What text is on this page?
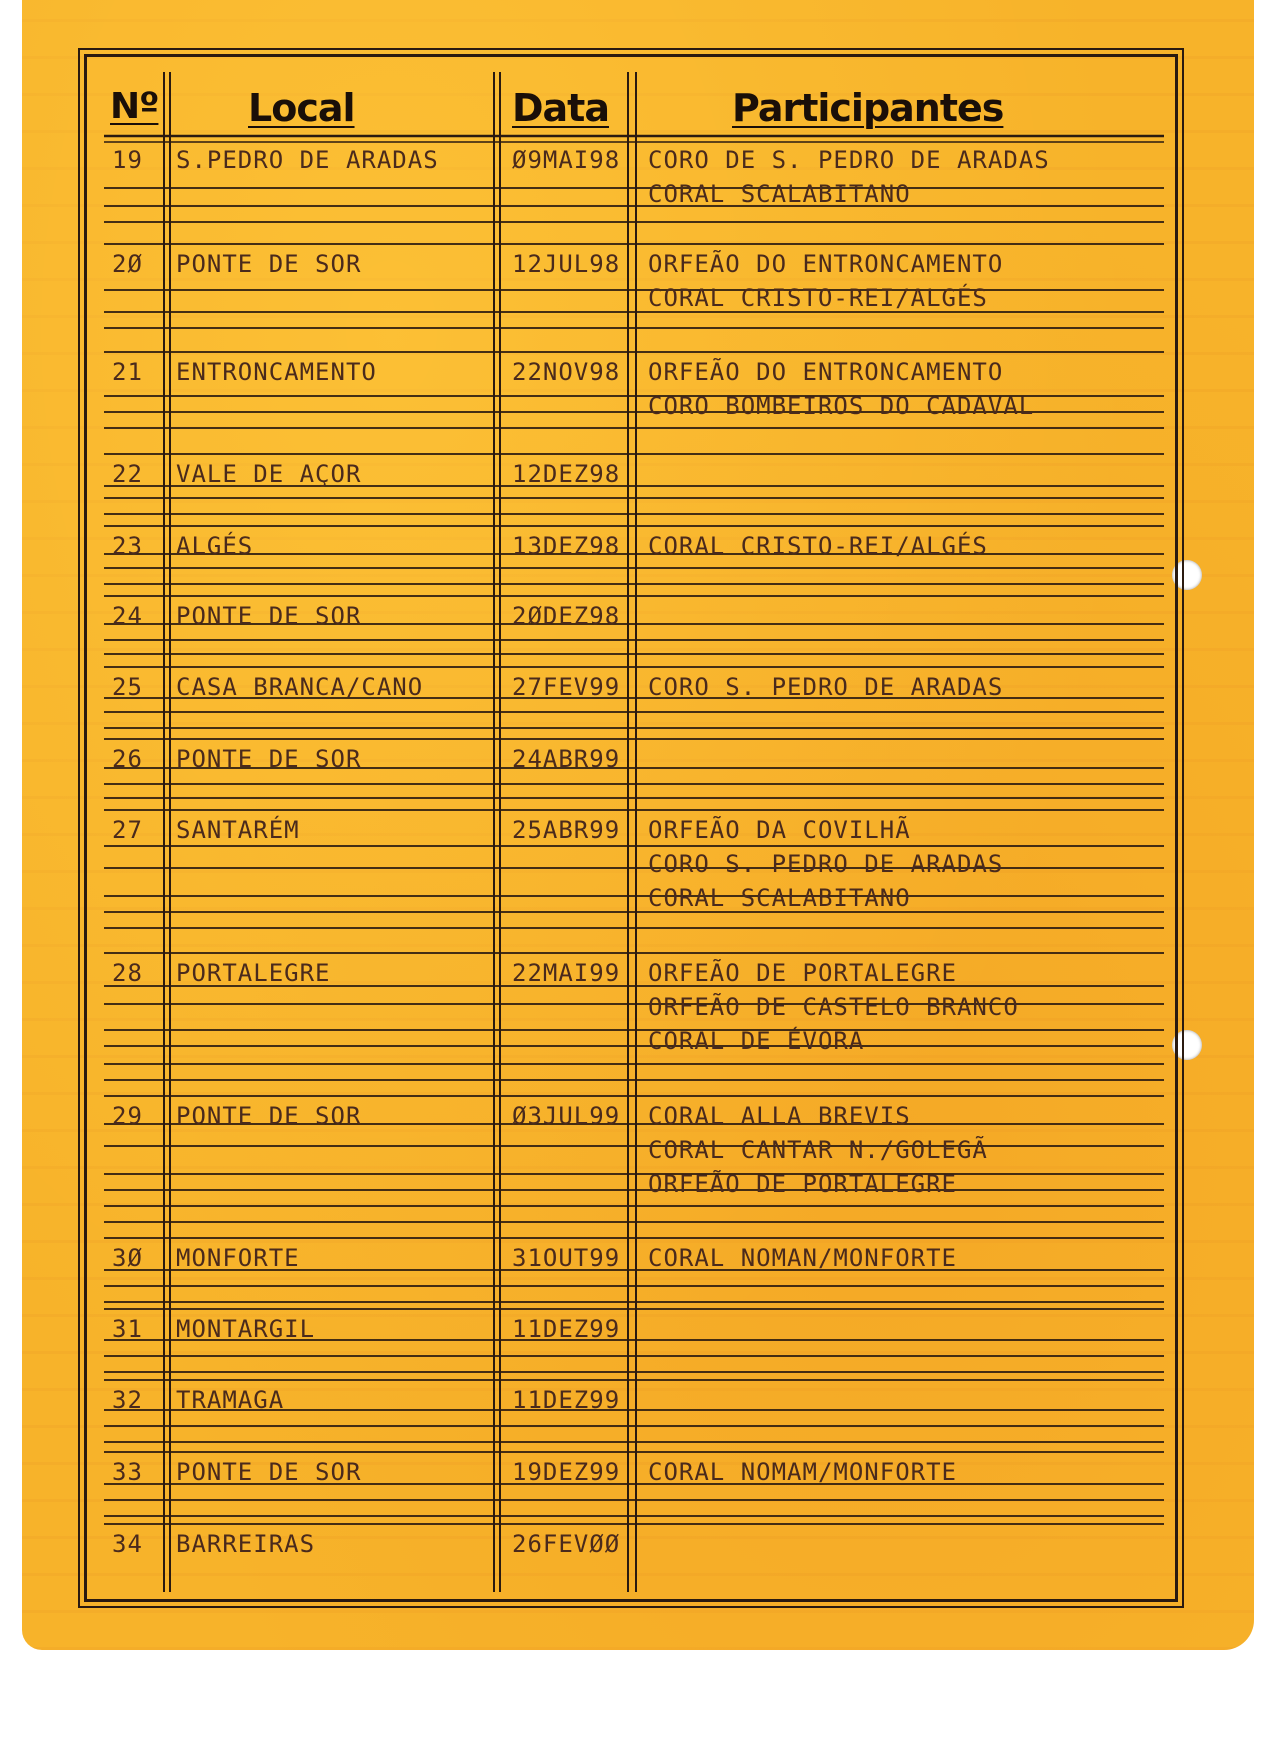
Nº Local	Data	Participantes
19 S.PEDRO DE ARADAS	Ø9MAI98 CORO DE S. PEDRO DE ARADAS
CORAL SCALABITANO
2Ø PONTE DE SOR	12JUL98 ORFEÃO DO ENTRONCAMENTO
CORAL CRISTO-REI/ALGÉS
21 ENTRONCAMENTO	22NOV98 ORFEÃO DO ENTRONCAMENTO
CORO BOMBEIROS DO CADAVAL
22 VALE DE AÇOR	12DEZ98
23 ALGÉS	13DEZ98 CORAL CRISTO-REI/ALGÉS
24 PONTE DE SOR	2ØDEZ98
25 CASA BRANCA/CANO	27FEV99 CORO S. PEDRO DE ARADAS
26 PONTE DE SOR	24ABR99
27 SANTARÉM	25ABR99 ORFEÃO DA COVILHÃ
CORO S. PEDRO DE ARADAS
CORAL SCALABITANO
28 PORTALEGRE	22MAI99 ORFEÃO DE PORTALEGRE
ORFEÃO DE CASTELO BRANCO
CORAL DE ÉVORA
29 PONTE DE SOR	Ø3JUL99 CORAL ALLA BREVIS
CORAL CANTAR N./GOLEGÃ
ORFEÃO DE PORTALEGRE
3Ø MONFORTE	31OUT99 CORAL NOMAN/MONFORTE
31 MONTARGIL	11DEZ99
32 TRAMAGA	11DEZ99
33 PONTE DE SOR	19DEZ99 CORAL NOMAM/MONFORTE
34 BARREIRAS	26FEVØØ
